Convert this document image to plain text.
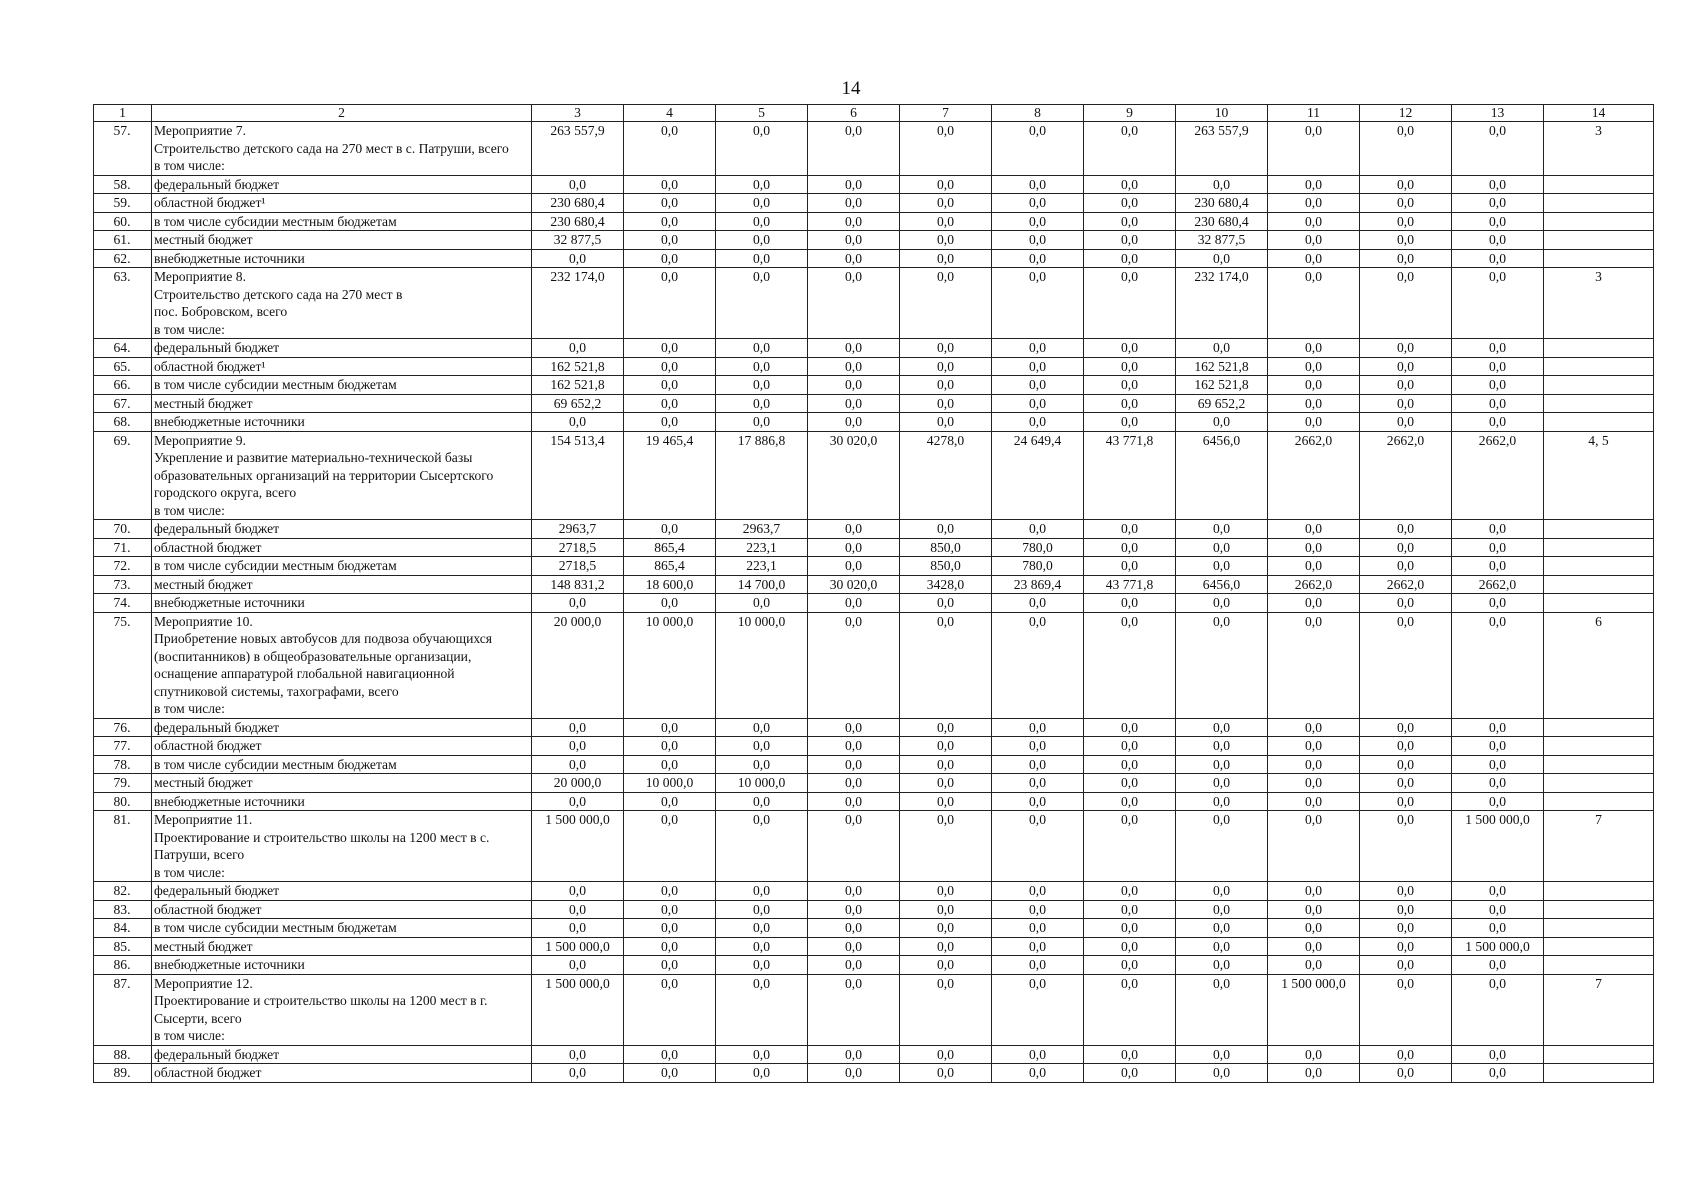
14
1	2	3	4	5	6	7	8	9	10	11	12	13	14
57.	Мероприятие 7.
Строительство детского сада на 270 мест в с. Патруши, всего
в том числе:	263 557,9	0,0	0,0	0,0	0,0	0,0	0,0	263 557,9	0,0	0,0	0,0	3
58.	федеральный бюджет	0,0	0,0	0,0	0,0	0,0	0,0	0,0	0,0	0,0	0,0	0,0	
59.	областной бюджет¹	230 680,4	0,0	0,0	0,0	0,0	0,0	0,0	230 680,4	0,0	0,0	0,0	
60.	в том числе субсидии местным бюджетам	230 680,4	0,0	0,0	0,0	0,0	0,0	0,0	230 680,4	0,0	0,0	0,0	
61.	местный бюджет	32 877,5	0,0	0,0	0,0	0,0	0,0	0,0	32 877,5	0,0	0,0	0,0	
62.	внебюджетные источники	0,0	0,0	0,0	0,0	0,0	0,0	0,0	0,0	0,0	0,0	0,0	
63.	Мероприятие 8.
Строительство детского сада на 270 мест в
пос. Бобровском, всего
в том числе:	232 174,0	0,0	0,0	0,0	0,0	0,0	0,0	232 174,0	0,0	0,0	0,0	3
64.	федеральный бюджет	0,0	0,0	0,0	0,0	0,0	0,0	0,0	0,0	0,0	0,0	0,0	
65.	областной бюджет¹	162 521,8	0,0	0,0	0,0	0,0	0,0	0,0	162 521,8	0,0	0,0	0,0	
66.	в том числе субсидии местным бюджетам	162 521,8	0,0	0,0	0,0	0,0	0,0	0,0	162 521,8	0,0	0,0	0,0	
67.	местный бюджет	69 652,2	0,0	0,0	0,0	0,0	0,0	0,0	69 652,2	0,0	0,0	0,0	
68.	внебюджетные источники	0,0	0,0	0,0	0,0	0,0	0,0	0,0	0,0	0,0	0,0	0,0	
69.	Мероприятие 9.
Укрепление и развитие материально-технической базы образовательных организаций на территории Сысертского городского округа, всего
в том числе:	154 513,4	19 465,4	17 886,8	30 020,0	4278,0	24 649,4	43 771,8	6456,0	2662,0	2662,0	2662,0	4, 5
70.	федеральный бюджет	2963,7	0,0	2963,7	0,0	0,0	0,0	0,0	0,0	0,0	0,0	0,0	
71.	областной бюджет	2718,5	865,4	223,1	0,0	850,0	780,0	0,0	0,0	0,0	0,0	0,0	
72.	в том числе субсидии местным бюджетам	2718,5	865,4	223,1	0,0	850,0	780,0	0,0	0,0	0,0	0,0	0,0	
73.	местный бюджет	148 831,2	18 600,0	14 700,0	30 020,0	3428,0	23 869,4	43 771,8	6456,0	2662,0	2662,0	2662,0	
74.	внебюджетные источники	0,0	0,0	0,0	0,0	0,0	0,0	0,0	0,0	0,0	0,0	0,0	
75.	Мероприятие 10.
Приобретение новых автобусов для подвоза обучающихся (воспитанников) в общеобразовательные организации, оснащение аппаратурой глобальной навигационной спутниковой системы, тахографами, всего
в том числе:	20 000,0	10 000,0	10 000,0	0,0	0,0	0,0	0,0	0,0	0,0	0,0	0,0	6
76.	федеральный бюджет	0,0	0,0	0,0	0,0	0,0	0,0	0,0	0,0	0,0	0,0	0,0	
77.	областной бюджет	0,0	0,0	0,0	0,0	0,0	0,0	0,0	0,0	0,0	0,0	0,0	
78.	в том числе субсидии местным бюджетам	0,0	0,0	0,0	0,0	0,0	0,0	0,0	0,0	0,0	0,0	0,0	
79.	местный бюджет	20 000,0	10 000,0	10 000,0	0,0	0,0	0,0	0,0	0,0	0,0	0,0	0,0	
80.	внебюджетные источники	0,0	0,0	0,0	0,0	0,0	0,0	0,0	0,0	0,0	0,0	0,0	
81.	Мероприятие 11.
Проектирование и строительство школы на 1200 мест в с. Патруши, всего
в том числе:	1 500 000,0	0,0	0,0	0,0	0,0	0,0	0,0	0,0	0,0	0,0	1 500 000,0	7
82.	федеральный бюджет	0,0	0,0	0,0	0,0	0,0	0,0	0,0	0,0	0,0	0,0	0,0	
83.	областной бюджет	0,0	0,0	0,0	0,0	0,0	0,0	0,0	0,0	0,0	0,0	0,0	
84.	в том числе субсидии местным бюджетам	0,0	0,0	0,0	0,0	0,0	0,0	0,0	0,0	0,0	0,0	0,0	
85.	местный бюджет	1 500 000,0	0,0	0,0	0,0	0,0	0,0	0,0	0,0	0,0	0,0	1 500 000,0	
86.	внебюджетные источники	0,0	0,0	0,0	0,0	0,0	0,0	0,0	0,0	0,0	0,0	0,0	
87.	Мероприятие 12.
Проектирование и строительство школы на 1200 мест в г. Сысерти, всего
в том числе:	1 500 000,0	0,0	0,0	0,0	0,0	0,0	0,0	0,0	1 500 000,0	0,0	0,0	7
88.	федеральный бюджет	0,0	0,0	0,0	0,0	0,0	0,0	0,0	0,0	0,0	0,0	0,0	
89.	областной бюджет	0,0	0,0	0,0	0,0	0,0	0,0	0,0	0,0	0,0	0,0	0,0	
